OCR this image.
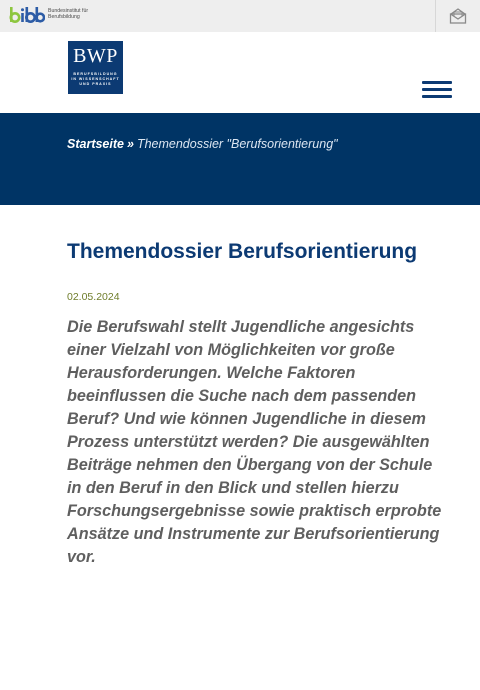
Bundesinstitut für
Berufsbildung
BWP
BERUFSBILDUNG
IN WISSENSCHAFT
UND PRAXIS
Startseite » Themendossier "Berufsorientierung"
Themendossier Berufsorientierung
02.05.2024

Die Berufswahl stellt Jugendliche angesichts einer Vielzahl von Möglichkeiten vor große Herausforderungen. Welche Faktoren beeinflussen die Suche nach dem passenden Beruf? Und wie können Jugendliche in diesem Prozess unterstützt werden? Die ausgewählten Beiträge nehmen den Übergang von der Schule in den Beruf in den Blick und stellen hierzu Forschungsergebnisse sowie praktisch erprobte Ansätze und Instrumente zur Berufsorientierung vor.
